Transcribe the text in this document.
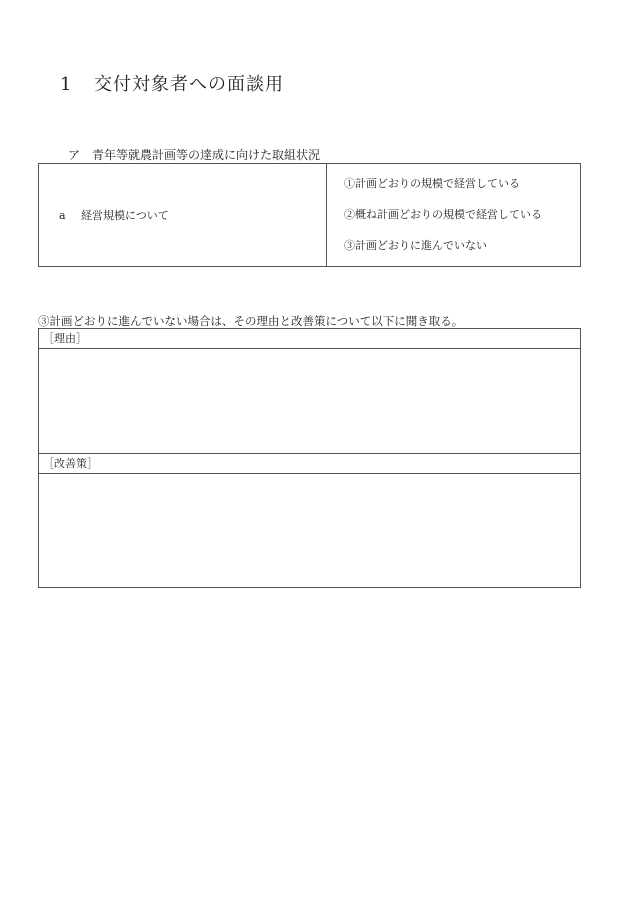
1 交付対象者への面談用
ア 青年等就農計画等の達成に向けた取組状況
a	経営規模について
①計画どおりの規模で経営している
②概ね計画どおりの規模で経営している
③計画どおりに進んでいない
③計画どおりに進んでいない場合は、その理由と改善策について以下に聞き取る。
［理由］
［改善策］
